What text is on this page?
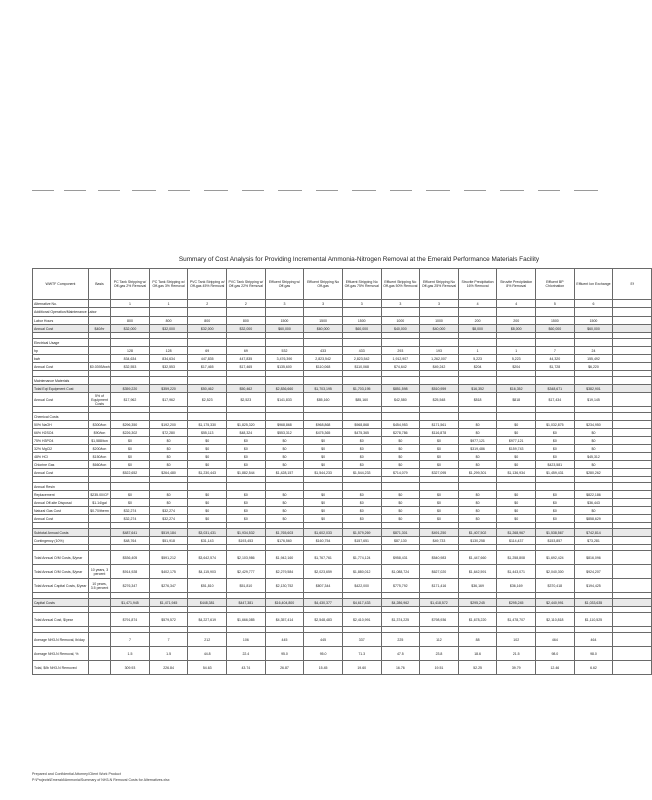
Summary of Cost Analysis for Providing Incremental Ammonia-Nitrogen Removal at the Emerald Performance Materials Facility
WWTF Component	Basis	PC Tank Stripping w/ Off-gas 2% Removal	PC Tank Stripping w/ Off-gas 3% Removal	PVC Tank Stripping w/ Off-gas 45% Removal	PVC Tank Stripping w/ Off-gas 22% Removal	Effluent Stripping w/ Off-gas	Effluent Stripping No Off-gas	Effluent Stripping No Off-gas 75% Removal	Effluent Stripping No Off-gas 50% Removal	Effluent Stripping No Off-gas 25% Removal	Struvite Precipitation 16% Removal	Struvite Precipitation 8% Removal	Effluent BP Chlorination	Effluent Ion Exchange	Ef
Alternative No.		1	1	2	2	3	3	3	3	3	4	4	5	6	
Additional Operation/Maintenance Labor															
Labor Hours		800	800	800	800	1500	1500	1500	1000	1000	200	200	1500	1500	
Annual Cost	$40/hr	$32,000	$32,000	$32,000	$32,000	$60,000	$60,000	$60,000	$40,000	$40,000	$8,000	$8,000	$60,000	$60,000	

Electrical Usage															
hp		128	128	69	69	532	433	433	293	193	1	1	7	24	
kwh		834,634	834,634	447,835	447,835	3,476,390	2,823,542	2,823,542	1,912,907	1,262,007	5,223	5,223	44,320	155,492	
Annual Cost	$0.0393/kwh	$32,553	$32,553	$17,465	$17,465	$135,600	$110,068	$110,068	$74,642	$49,242	$204	$204	$1,728	$6,220	

Maintenance Materials															
Total Eqt Equipment Cost		$359,220	$359,220	$50,462	$50,462	$2,836,660	$1,703,195	$1,703,195	$851,598	$510,959	$16,352	$16,352	$348,671	$382,901	
Annual Cost	5% of Equipment Costs	$17,962	$17,962	$2,523	$2,523	$141,833	$85,160	$85,160	$42,580	$25,548	$818	$818	$17,434	$19,145	

Chemical Costs															
50% NaOH	$300/ton	$296,350	$192,200	$1,175,330	$1,825,320	$968,868	$968,868	$968,868	$454,953	$171,561	$0	$0	$1,032,875	$234,950	
66% H2SO4	$90/ton	$226,302	$72,280	$55,113	$48,324	$553,312	$475,365	$475,365	$278,786	$116,878	$0	$0	$0	$0	
75% H3PO4	$1,588/ton	$0	$0	$0	$0	$0	$0	$0	$0	$0	$977,121	$977,121	$0	$0	
32% MgCl2	$200/ton	$0	$0	$0	$0	$0	$0	$0	$0	$0	$319,486	$159,743	$0	$0	
48% HCl	$150/ton	$0	$0	$0	$0	$0	$0	$0	$0	$0	$0	$0	$0	$45,312	
Chlorine Gas	$660/ton	$0	$0	$0	$0	$0	$0	$0	$0	$0	$0	$0	$423,581	$0	
Annual Cost		$522,652	$264,480	$1,230,443	$1,882,544	$1,428,157	$1,544,233	$1,544,233	$714,079	$327,095	$1,299,301	$1,136,934	$1,459,431	$280,262	

Annual Resin															
Replacement	$235.00/CF	$0	$0	$0	$0	$0	$0	$0	$0	$0	$0	$0	$0	$822,186	
Annual Off-site Disposal	$1.14/gal	$0	$0	$0	$0	$0	$0	$0	$0	$0	$0	$0	$0	$36,443	
Natural Gas Cost	$0.70/therm	$32,274	$32,274	$0	$0	$0	$0	$0	$0	$0	$0	$0	$0	$0	
Annual Cost		$32,274	$32,274	$0	$0	$0	$0	$0	$0	$0	$0	$0	$0	$858,629	

Subtotal Annual Costs		$487,641	$519,184	$3,031,431	$1,934,532	$1,765,603	$1,602,033	$1,579,269	$871,301	$491,250	$1,407,502	$1,268,967	$1,538,567	$742,814	
Contingency (10%)		$48,764	$51,918	$31,143	$193,453	$176,560	$160,754	$157,651	$87,130	$49,733	$130,258	$114,437	$153,857	$73,281	

Total Annual O/M Costs, $/year		$536,405	$591,212	$3,642,574	$2,103,986	$1,942,160	$1,767,761	$1,774,124	$958,431	$540,983	$1,447,660	$1,258,808	$1,692,424	$816,096	
Total Annual O/M Costs, $/year	10 years, 3 percent	$914,928	$402,175	$4,115,903	$2,429,777	$2,279,584	$2,023,659	$1,880,012	$1,088,724	$627,020	$1,642,591	$1,443,071	$2,040,300	$924,207	
Total Annual Capital Costs, $/year	10 years, 3.5 percent	$276,347	$276,347	$51,810	$51,810	$2,130,752	$807,344	$422,000	$775,792	$171,416	$36,169	$36,169	$370,418	$194,425	

Capital Costs		$1,471,945	$1,471,945	$448,381	$447,381	$16,404,800	$4,430,377	$4,617,433	$4,286,962	$1,418,572	$295,245	$295,245	$2,440,991	$1,033,635	

Total Annual Cost, $/year		$791,874	$579,572	$4,227,619	$1,666,085	$4,357,414	$2,548,483	$2,410,991	$1,374,225	$798,936	$1,678,220	$1,478,707	$2,110,818	$1,110,525	

Average NH3-N Removal, lb/day		7	7	212	106	445	445	337	225	112	88	102	464	464	
Average NH3-N Removal, %		1.5	1.5	44.8	22.4	95.0	95.0	71.3	47.5	23.8	18.6	21.5	98.0	98.0	
Total, $/lb NH3-N Removed		309.93	226.84	54.63	43.74	26.87	15.45	19.60	16.76	19.51	52.25	39.79	12.46	6.62	
Prepared and Confidential Attorney/Client Work Product
P:\Projects\Emerald\Ammonia\Summary of NH3-N Removal Costs for Alternatives.xlsx
